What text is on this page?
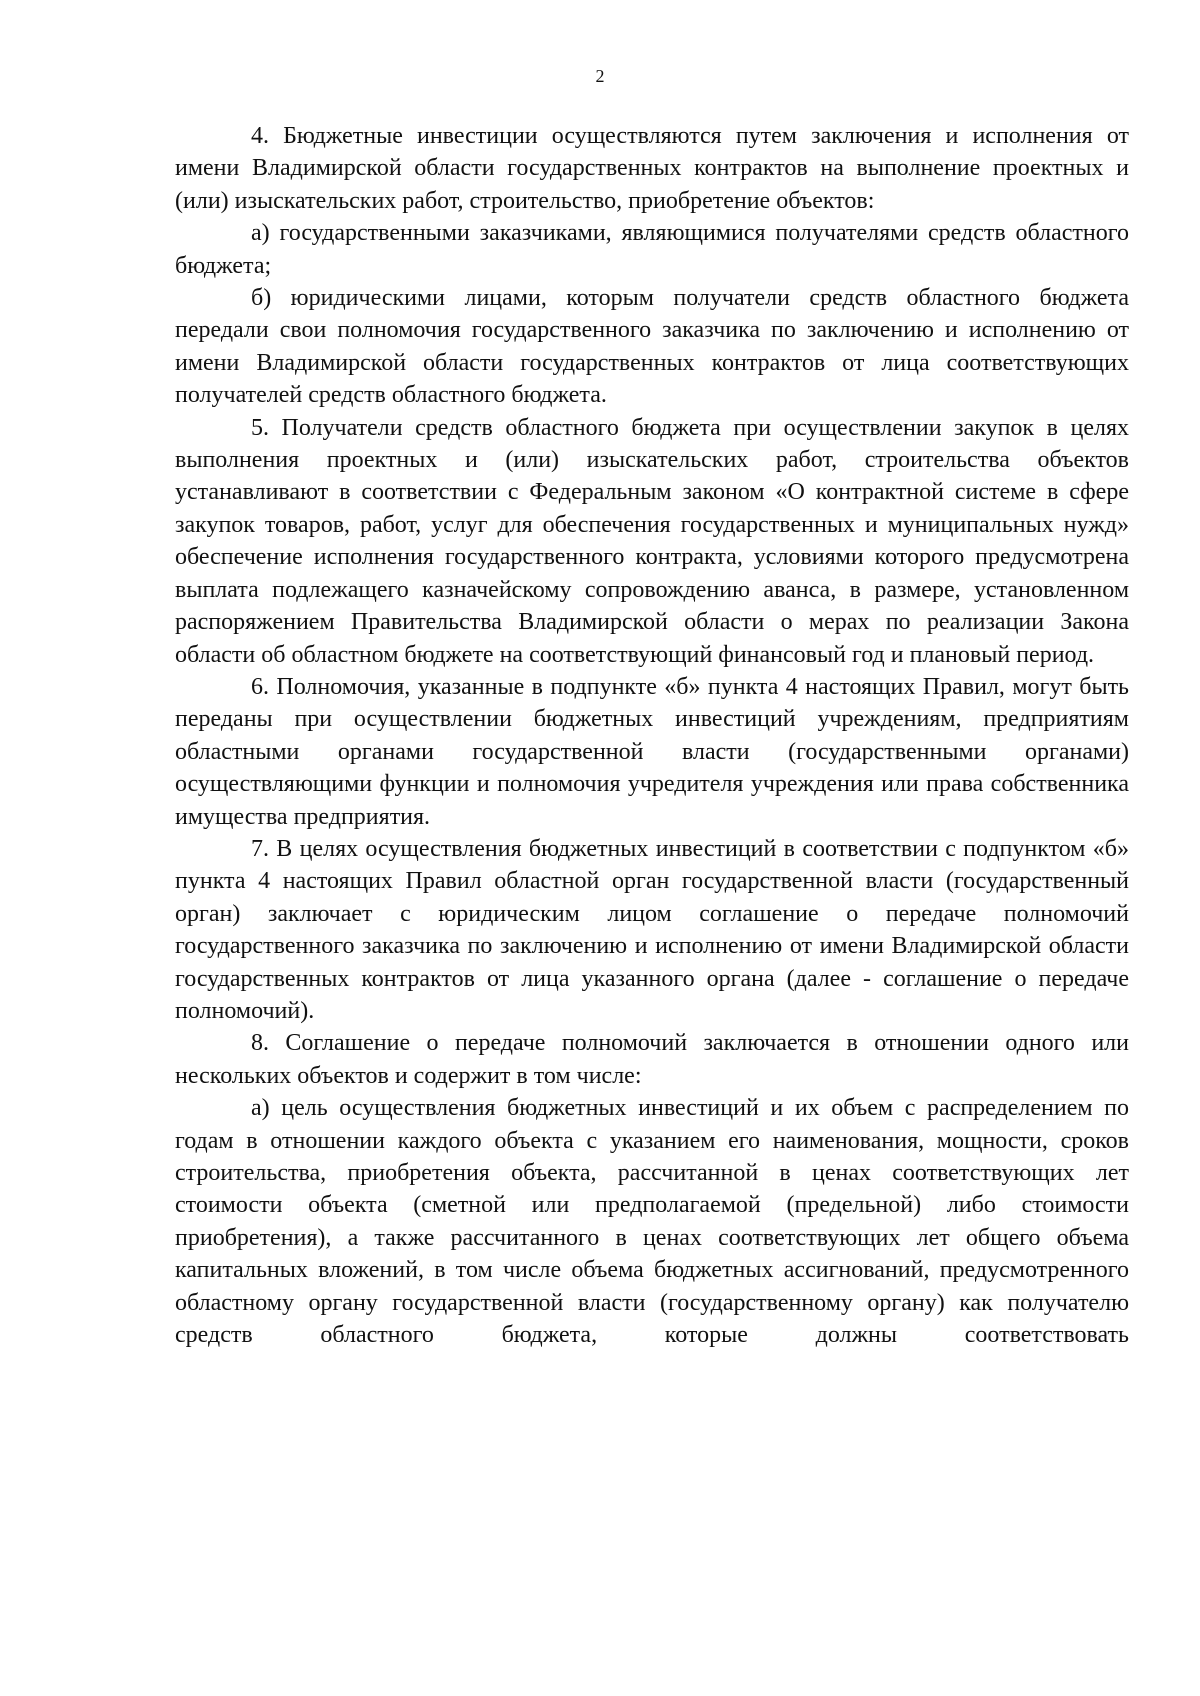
2

4. Бюджетные инвестиции осуществляются путем заключения и исполнения от имени Владимирской области государственных контрактов на выполнение проектных и (или) изыскательских работ, строительство, приобретение объектов:

а) государственными заказчиками, являющимися получателями средств областного бюджета;

б) юридическими лицами, которым получатели средств областного бюджета передали свои полномочия государственного заказчика по заключению и исполнению от имени Владимирской области государственных контрактов от лица соответствующих получателей средств областного бюджета.

5. Получатели средств областного бюджета при осуществлении закупок в целях выполнения проектных и (или) изыскательских работ, строительства объектов устанавливают в соответствии с Федеральным законом «О контрактной системе в сфере закупок товаров, работ, услуг для обеспечения государственных и муниципальных нужд» обеспечение исполнения государственного контракта, условиями которого предусмотрена выплата подлежащего казначейскому сопровождению аванса, в размере, установленном распоряжением Правительства Владимирской области о мерах по реализации Закона области об областном бюджете на соответствующий финансовый год и плановый период.

6. Полномочия, указанные в подпункте «б» пункта 4 настоящих Правил, могут быть переданы при осуществлении бюджетных инвестиций учреждениям, предприятиям областными органами государственной власти (государственными органами) осуществляющими функции и полномочия учредителя учреждения или права собственника имущества предприятия.

7. В целях осуществления бюджетных инвестиций в соответствии с подпунктом «б» пункта 4 настоящих Правил областной орган государственной власти (государственный орган) заключает с юридическим лицом соглашение о передаче полномочий государственного заказчика по заключению и исполнению от имени Владимирской области государственных контрактов от лица указанного органа (далее - соглашение о передаче полномочий).

8. Соглашение о передаче полномочий заключается в отношении одного или нескольких объектов и содержит в том числе:

а) цель осуществления бюджетных инвестиций и их объем с распределением по годам в отношении каждого объекта с указанием его наименования, мощности, сроков строительства, приобретения объекта, рассчитанной в ценах соответствующих лет стоимости объекта (сметной или предполагаемой (предельной) либо стоимости приобретения), а также рассчитанного в ценах соответствующих лет общего объема капитальных вложений, в том числе объема бюджетных ассигнований, предусмотренного областному органу государственной власти (государственному органу) как получателю средств областного бюджета, которые должны соответствовать
